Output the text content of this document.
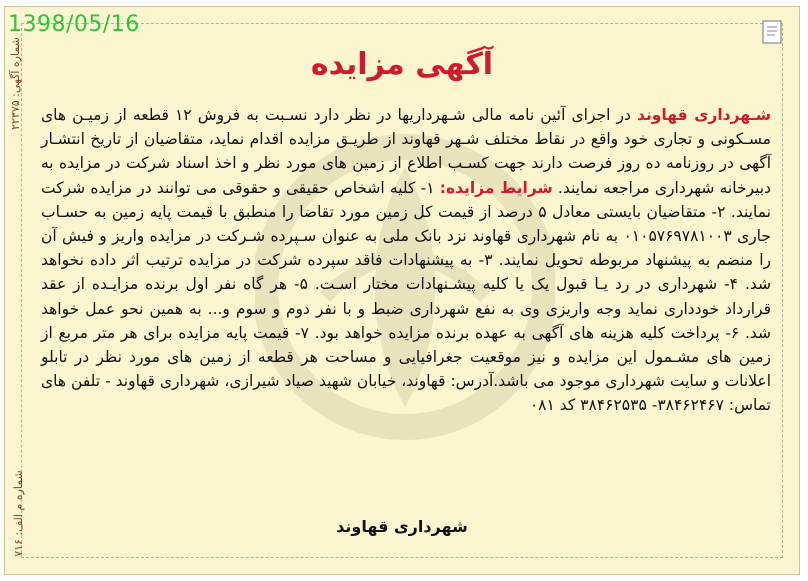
شماره آگهی: ۲۲۳۷۵
شماره م الف: ۷۱۶
آگهی مزایده
شـهرداری قهاوند در اجرای آئین نامه مالی شـهرداریها در نظر دارد نسـبت به فروش ۱۲ قطعه از زمیـن های مسـکونی و تجاری خود واقع در نقاط مختلف شـهر قهاوند از طریـق مزایده اقدام نماید، متقاضیان از تاریخ انتشـار آگهی در روزنامه ده روز فرصت دارند جهت کسـب اطلاع از زمین های مورد نظر و اخذ اسناد شرکت در مزایده به دبیرخانه شهرداری مراجعه نمایند. شرایط مزایده: ۱- کلیه اشخاص حقیقی و حقوقی می توانند در مزایده شرکت نمایند. ۲- متقاضیان بایستی معادل ۵ درصد از قیمت کل زمین مورد تقاضا را منطبق با قیمت پایه زمین به حسـاب جاری ۰۱۰۵۷۶۹۷۸۱۰۰۳ به نام شهرداری قهاوند نزد بانک ملی به عنوان سـپرده شـرکت در مزایده واریز و فیش آن را منضم به پیشنهاد مربوطه تحویل نمایند. ۳- به پیشنهادات فاقد سپرده شرکت در مزایده ترتیب اثر داده نخواهد شد. ۴- شهرداری در رد یـا قبول یک یا کلیه پیشـنهادات مختار اسـت. ۵- هر گاه نفر اول برنده مزایـده از عقد قرارداد خودداری نماید وجه واریزی وی به نفع شهرداری ضبط و با نفر دوم و سوم و... به همین نحو عمل خواهد شد. ۶- پرداخت کلیه هزینه های آگهی به عهده برنده مزایده خواهد بود. ۷- قیمت پایه مزایده برای هر متر مربع از زمین های مشـمول این مزایده و نیز موقعیت جغرافیایی و مساحت هر قطعه از زمین های مورد نظر در تابلو اعلانات و سایت شهرداری موجود می باشد.آدرس: قهاوند، خیابان شهید صیاد شیرازی، شهرداری قهاوند - تلفن های تماس: ۳۸۴۶۲۴۶۷- ۳۸۴۶۲۵۳۵ کد ۰۸۱
شهرداری قهاوند
1398/05/16
